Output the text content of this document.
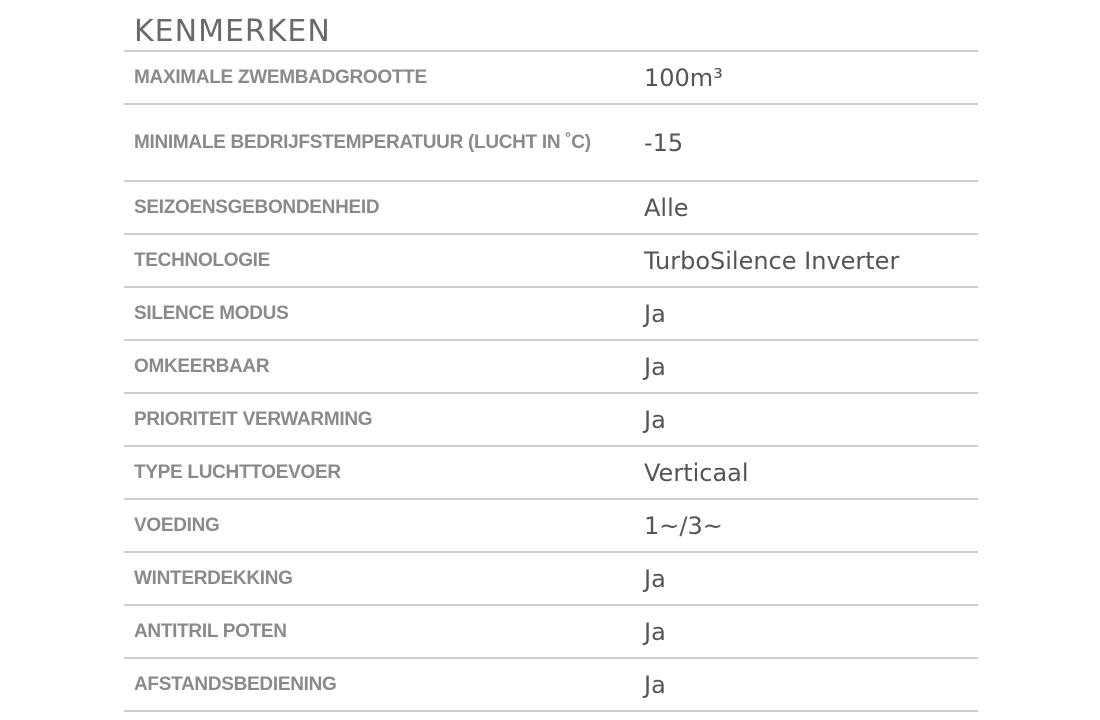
KENMERKEN
MAXIMALE ZWEMBADGROOTTE	100m³
MINIMALE BEDRIJFSTEMPERATUUR (LUCHT IN ˚C)	-15
SEIZOENSGEBONDENHEID	Alle
TECHNOLOGIE	TurboSilence Inverter
SILENCE MODUS	Ja
OMKEERBAAR	Ja
PRIORITEIT VERWARMING	Ja
TYPE LUCHTTOEVOER	Verticaal
VOEDING	1~/3~
WINTERDEKKING	Ja
ANTITRIL POTEN	Ja
AFSTANDSBEDIENING	Ja
